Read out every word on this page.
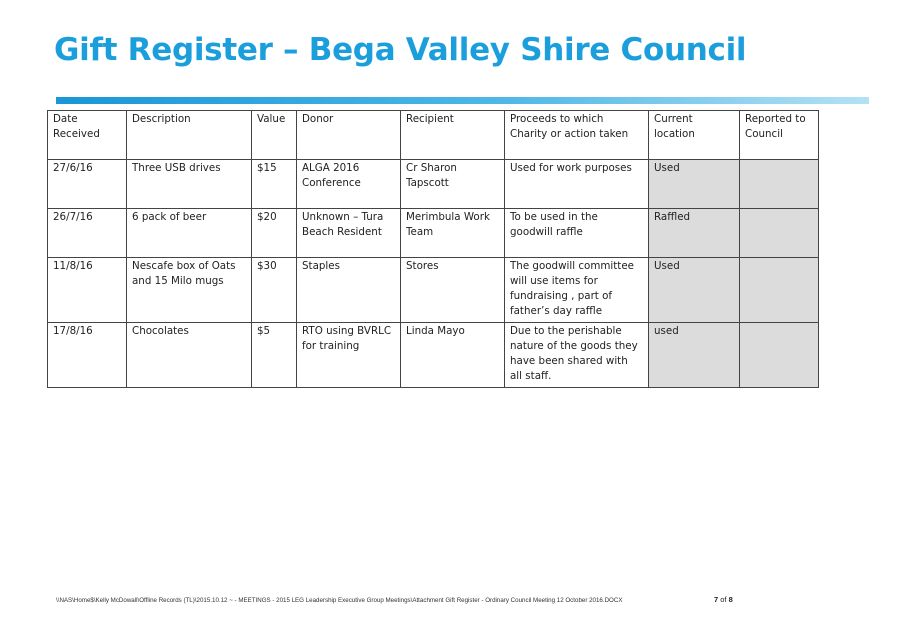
Gift Register – Bega Valley Shire Council
Date Received	Description	Value	Donor	Recipient	Proceeds to which Charity or action taken	Current location	Reported to Council
27/6/16	Three USB drives	$15	ALGA 2016 Conference	Cr Sharon Tapscott	Used for work purposes	Used	
26/7/16	6 pack of beer	$20	Unknown – Tura Beach Resident	Merimbula Work Team	To be used in the goodwill raffle	Raffled	
11/8/16	Nescafe box of Oats and 15 Milo mugs	$30	Staples	Stores	The goodwill committee will use items for fundraising , part of father’s day raffle	Used	
17/8/16	Chocolates	$5	RTO using BVRLC for training	Linda Mayo	Due to the perishable nature of the goods they have been shared with all staff.	used	
\\NAS\Home$\Kelly McDowall\Offline Records (TL)\2015.10.12 ~ - MEETINGS - 2015 LEG Leadership Executive Group Meetings\Attachment Gift Register - Ordinary Council Meeting 12 October 2016.DOCX	7 of 8
